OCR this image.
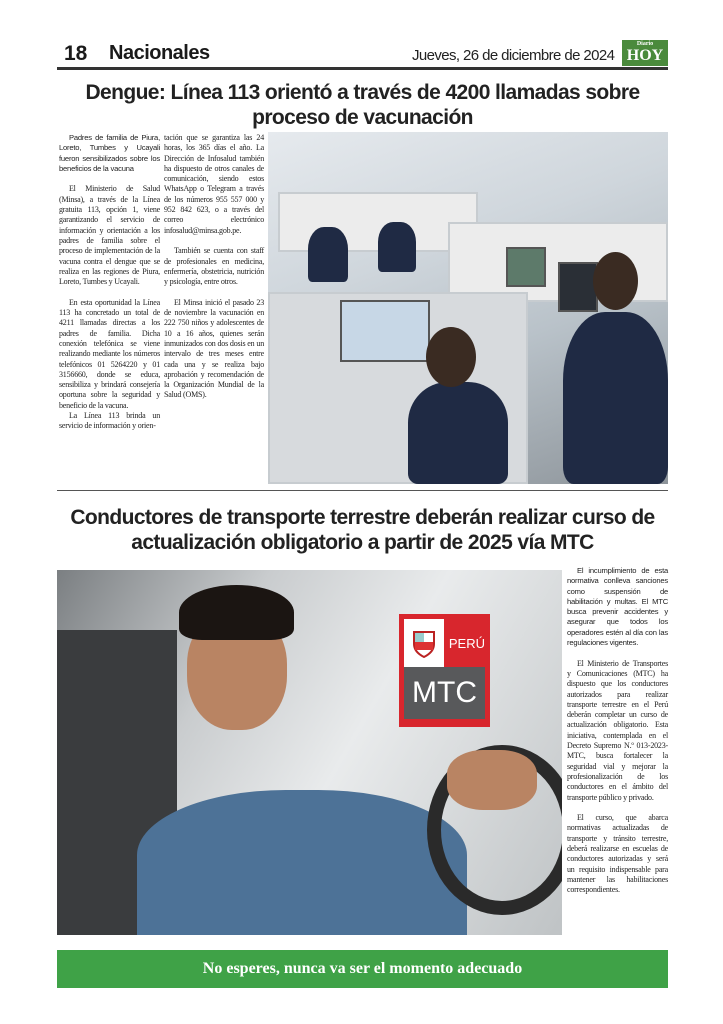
18 Nacionales	Jueves, 26 de diciembre de 2024
Diario
HOY
Dengue: Línea 113 orientó a través de 4200 llamadas sobre proceso de vacunación

Padres de familia de Piura, Loreto, Tumbes y Ucayali fueron sensibilizados sobre los beneficios de la vacuna

El Ministerio de Salud (Minsa), a través de la Línea gratuita 113, opción 1, viene garantizando el servicio de información y orientación a los padres de familia sobre el proceso de implementación de la vacuna contra el dengue que se realiza en las regiones de Piura, Loreto, Tumbes y Ucayali.

En esta oportunidad la Línea 113 ha concretado un total de 4211 llamadas directas a los padres de familia. Dicha conexión telefónica se viene realizando mediante los números telefónicos 01 5264220 y 01 3156660, donde se educa, sensibiliza y brindará consejería oportuna sobre la seguridad y beneficio de la vacuna.

La Línea 113 brinda un servicio de información y orien-

tación que se garantiza las 24 horas, los 365 días el año. La Dirección de Infosalud también ha dispuesto de otros canales de comunicación, siendo estos WhatsApp o Telegram a través de los números 955 557 000 y 952 842 623, o a través del correo electrónico infosalud@minsa.gob.pe.

También se cuenta con staff de profesionales en medicina, enfermería, obstetricia, nutrición y psicología, entre otros.

El Minsa inició el pasado 23 de noviembre la vacunación en 222 750 niños y adolescentes de 10 a 16 años, quienes serán inmunizados con dos dosis en un intervalo de tres meses entre cada una y se realiza bajo aprobación y recomendación de la Organización Mundial de la Salud (OMS).

Conductores de transporte terrestre deberán realizar curso de actualización obligatorio a partir de 2025 vía MTC
PERÚ
MTC

El incumplimiento de esta normativa conlleva sanciones como suspensión de habilitación y multas. El MTC busca prevenir accidentes y asegurar que todos los operadores estén al día con las regulaciones vigentes.

El Ministerio de Transportes y Comunicaciones (MTC) ha dispuesto que los conductores autorizados para realizar transporte terrestre en el Perú deberán completar un curso de actualización obligatorio. Esta iniciativa, contemplada en el Decreto Supremo N.º 013-2023-MTC, busca fortalecer la seguridad vial y mejorar la profesionalización de los conductores en el ámbito del transporte público y privado.

El curso, que abarca normativas actualizadas de transporte y tránsito terrestre, deberá realizarse en escuelas de conductores autorizadas y será un requisito indispensable para mantener las habilitaciones correspondientes.

No esperes, nunca va ser el momento adecuado
